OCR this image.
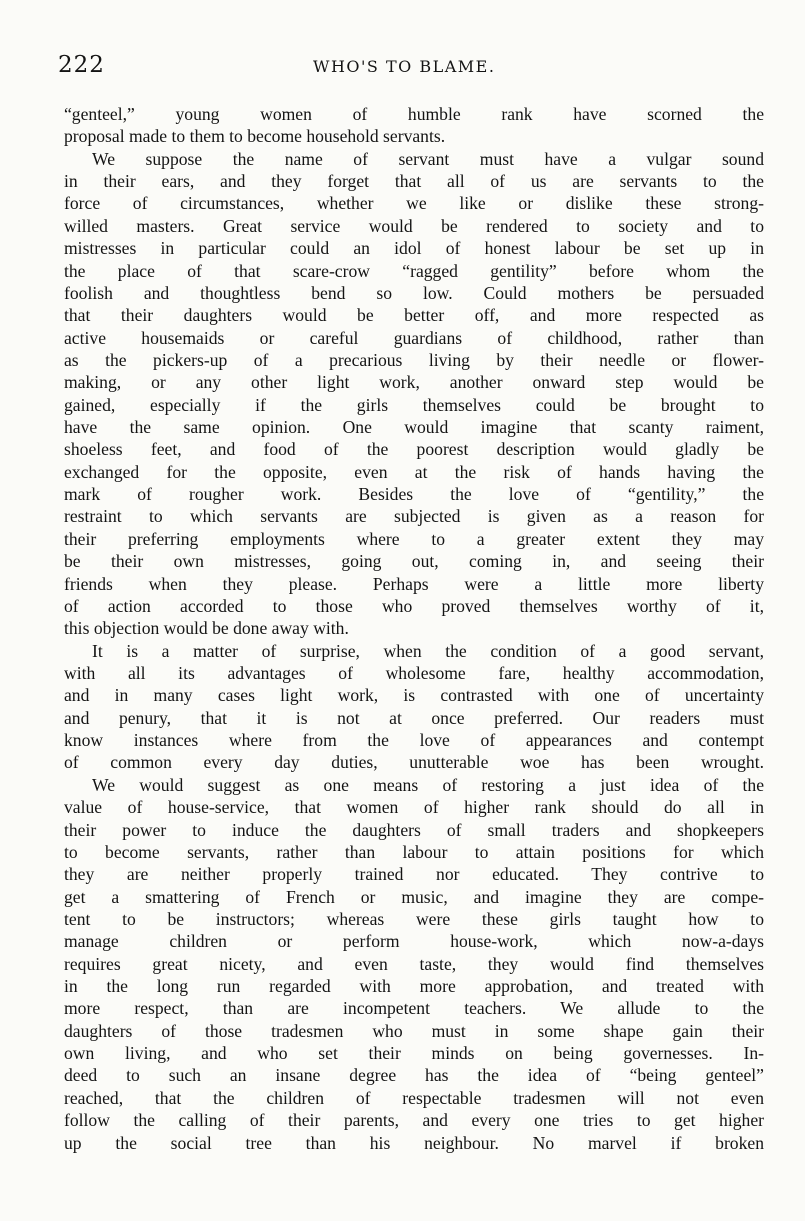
222	WHO'S TO BLAME.
“genteel,” young women of humble rank have scorned the
proposal made to them to become household servants.
We suppose the name of servant must have a vulgar sound
in their ears, and they forget that all of us are servants to the
force of circumstances, whether we like or dislike these strong-
willed masters. Great service would be rendered to society and to
mistresses in particular could an idol of honest labour be set up in
the place of that scare-crow “ragged gentility” before whom the
foolish and thoughtless bend so low. Could mothers be persuaded
that their daughters would be better off, and more respected as
active housemaids or careful guardians of childhood, rather than
as the pickers-up of a precarious living by their needle or flower-
making, or any other light work, another onward step would be
gained, especially if the girls themselves could be brought to
have the same opinion. One would imagine that scanty raiment,
shoeless feet, and food of the poorest description would gladly be
exchanged for the opposite, even at the risk of hands having the
mark of rougher work. Besides the love of “gentility,” the
restraint to which servants are subjected is given as a reason for
their preferring employments where to a greater extent they may
be their own mistresses, going out, coming in, and seeing their
friends when they please. Perhaps were a little more liberty
of action accorded to those who proved themselves worthy of it,
this objection would be done away with.
It is a matter of surprise, when the condition of a good servant,
with all its advantages of wholesome fare, healthy accommodation,
and in many cases light work, is contrasted with one of uncertainty
and penury, that it is not at once preferred. Our readers must
know instances where from the love of appearances and contempt
of common every day duties, unutterable woe has been wrought.
We would suggest as one means of restoring a just idea of the
value of house-service, that women of higher rank should do all in
their power to induce the daughters of small traders and shopkeepers
to become servants, rather than labour to attain positions for which
they are neither properly trained nor educated. They contrive to
get a smattering of French or music, and imagine they are compe-
tent to be instructors; whereas were these girls taught how to
manage children or perform house-work, which now-a-days
requires great nicety, and even taste, they would find themselves
in the long run regarded with more approbation, and treated with
more respect, than are incompetent teachers. We allude to the
daughters of those tradesmen who must in some shape gain their
own living, and who set their minds on being governesses. In-
deed to such an insane degree has the idea of “being genteel”
reached, that the children of respectable tradesmen will not even
follow the calling of their parents, and every one tries to get higher
up the social tree than his neighbour. No marvel if broken
